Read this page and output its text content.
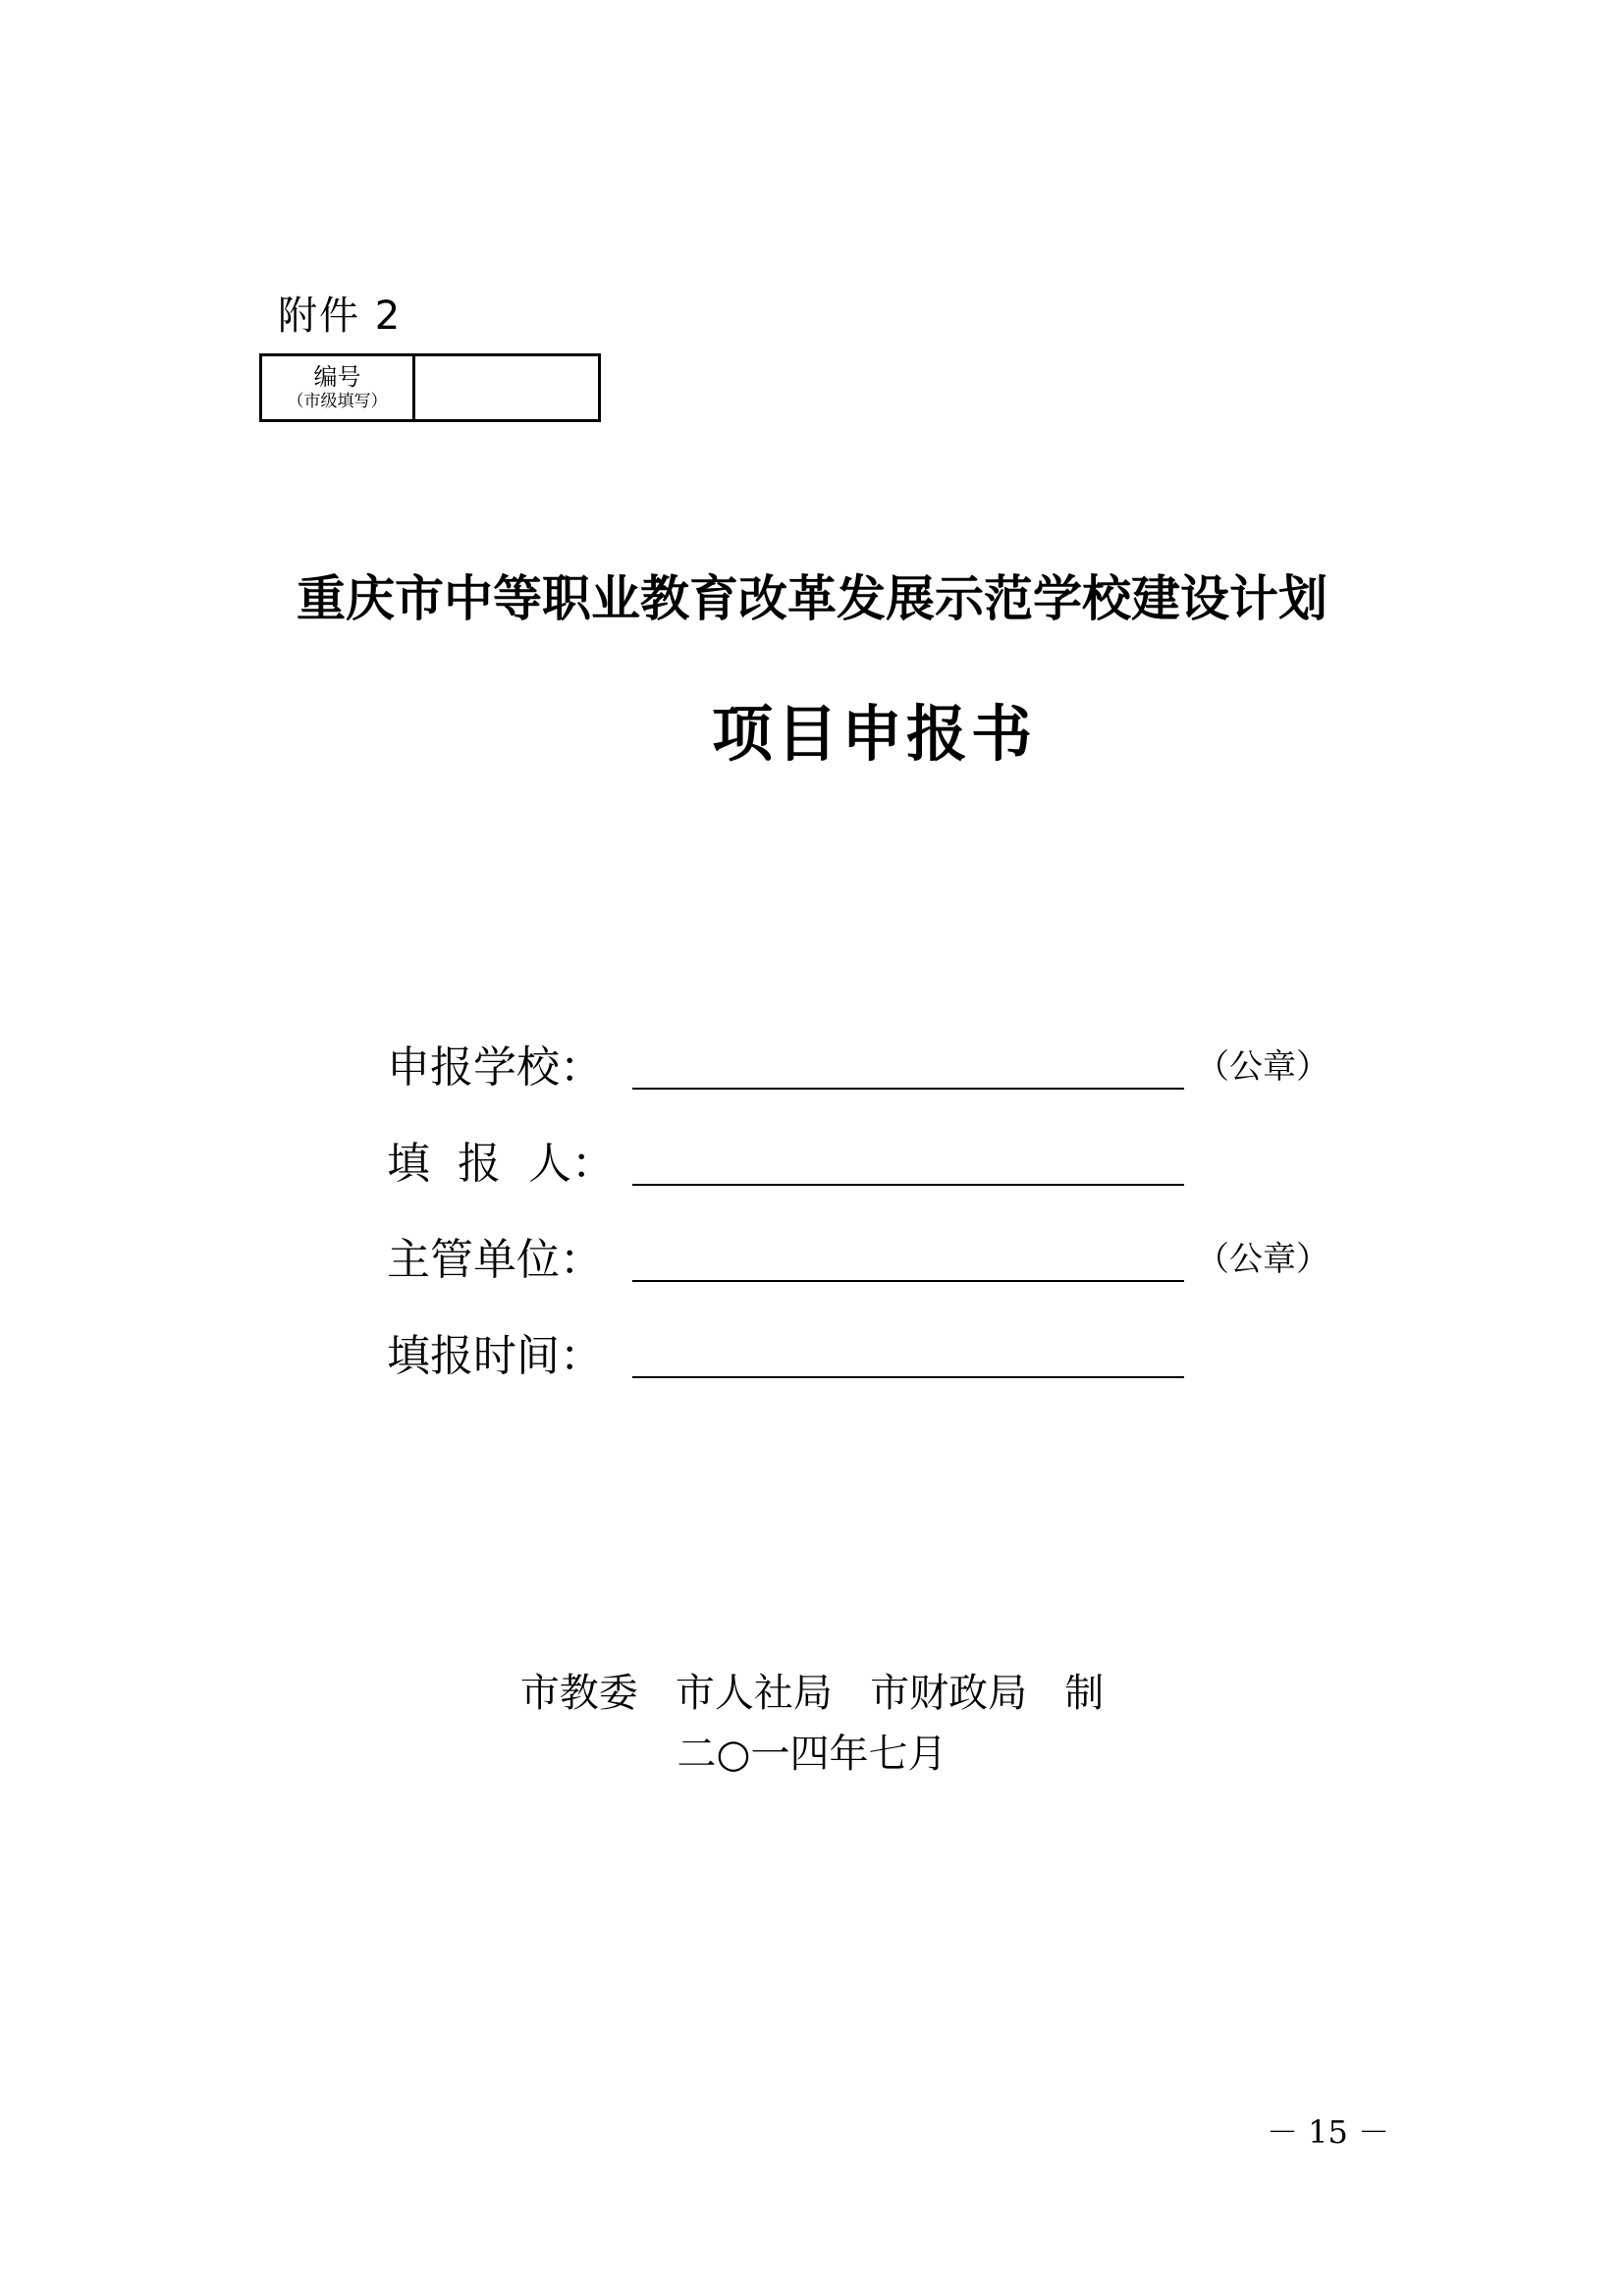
附件 2
编号
（市级填写）
重庆市中等职业教育改革发展示范学校建设计划
项目申报书
申报学校：	（公章）
填  报  人：
主管单位：	（公章）
填报时间：
市教委   市人社局   市财政局   制
二○一四年七月
－ 15 －
